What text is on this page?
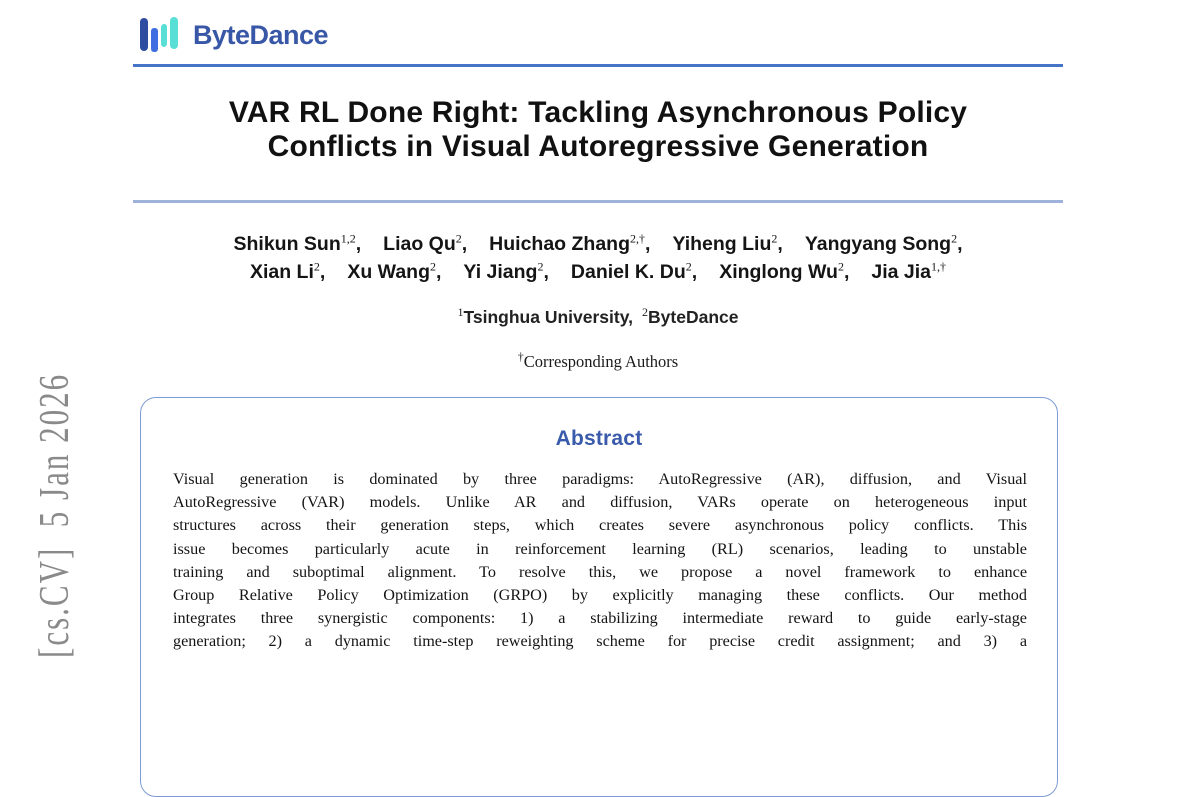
[cs.CV]  5 Jan 2026
ByteDance
VAR RL Done Right: Tackling Asynchronous Policy
Conflicts in Visual Autoregressive Generation
Shikun Sun$^{1,2}$, Liao Qu$^2$, Huichao Zhang$^{2,\dagger}$, Yiheng Liu$^2$, Yangyang Song$^2$,
Xian Li$^2$, Xu Wang$^2$, Yi Jiang$^2$, Daniel K. Du$^2$, Xinglong Wu$^2$, Jia Jia$^{1,\dagger}$
$^1$Tsinghua University, $^2$ByteDance
†Corresponding Authors
Abstract
Visual generation is dominated by three paradigms: AutoRegressive (AR), diffusion, and Visual
AutoRegressive (VAR) models. Unlike AR and diffusion, VARs operate on heterogeneous input
structures across their generation steps, which creates severe asynchronous policy conflicts. This
issue becomes particularly acute in reinforcement learning (RL) scenarios, leading to unstable
training and suboptimal alignment. To resolve this, we propose a novel framework to enhance
Group Relative Policy Optimization (GRPO) by explicitly managing these conflicts. Our method
integrates three synergistic components: 1) a stabilizing intermediate reward to guide early-stage
generation; 2) a dynamic time-step reweighting scheme for precise credit assignment; and 3) a
